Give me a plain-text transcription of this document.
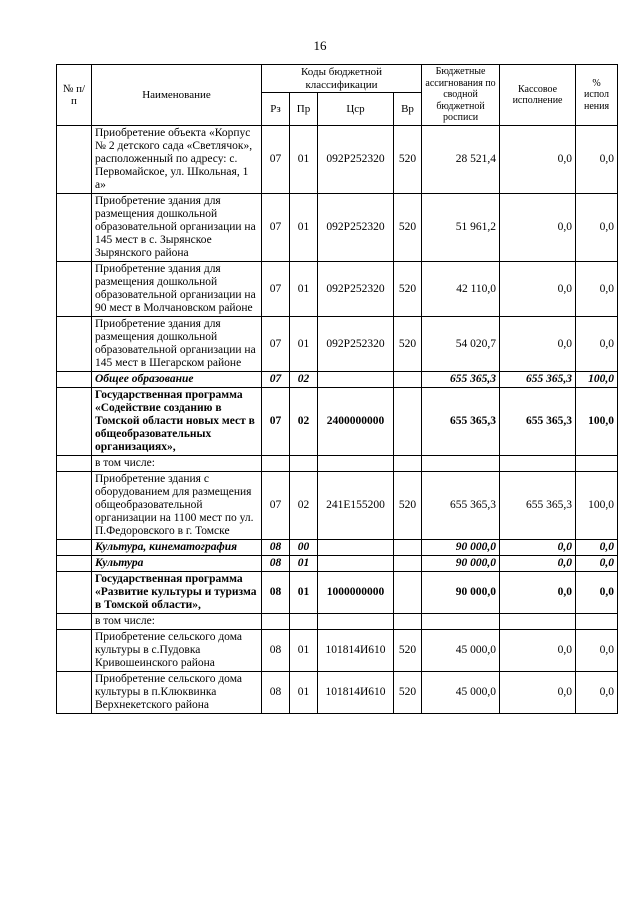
16
№ п/п	Наименование	Коды бюджетной классификации				Бюджетные ассигнования по сводной бюджетной росписи	Кассовое исполнение	% испол нения
		Рз	Пр	Цср	Вр			
	Приобретение объекта «Корпус № 2 детского сада «Светлячок», расположенный по адресу: с. Первомайское, ул. Школьная, 1 а»	07	01	092P252320	520	28 521,4	0,0	0,0
	Приобретение здания для размещения дошкольной образовательной организации на 145 мест в с. Зырянское Зырянского района	07	01	092P252320	520	51 961,2	0,0	0,0
	Приобретение здания для размещения дошкольной образовательной организации на 90 мест в Молчановском районе	07	01	092P252320	520	42 110,0	0,0	0,0
	Приобретение здания для размещения дошкольной образовательной организации на 145 мест в Шегарском районе	07	01	092P252320	520	54 020,7	0,0	0,0
	Общее образование	07	02			655 365,3	655 365,3	100,0
	Государственная программа «Содействие созданию в Томской области новых мест в общеобразовательных организациях»,	07	02	2400000000		655 365,3	655 365,3	100,0
	в том числе:							
	Приобретение здания с оборудованием для размещения общеобразовательной организации на 1100 мест по ул. П.Федоровского в г. Томске	07	02	241E155200	520	655 365,3	655 365,3	100,0
	Культура, кинематография	08	00			90 000,0	0,0	0,0
	Культура	08	01			90 000,0	0,0	0,0
	Государственная программа «Развитие культуры и туризма в Томской области»,	08	01	1000000000		90 000,0	0,0	0,0
	в том числе:							
	Приобретение сельского дома культуры в с.Пудовка Кривошеинского района	08	01	101814И610	520	45 000,0	0,0	0,0
	Приобретение сельского дома культуры в п.Клюквинка Верхнекетского района	08	01	101814И610	520	45 000,0	0,0	0,0
